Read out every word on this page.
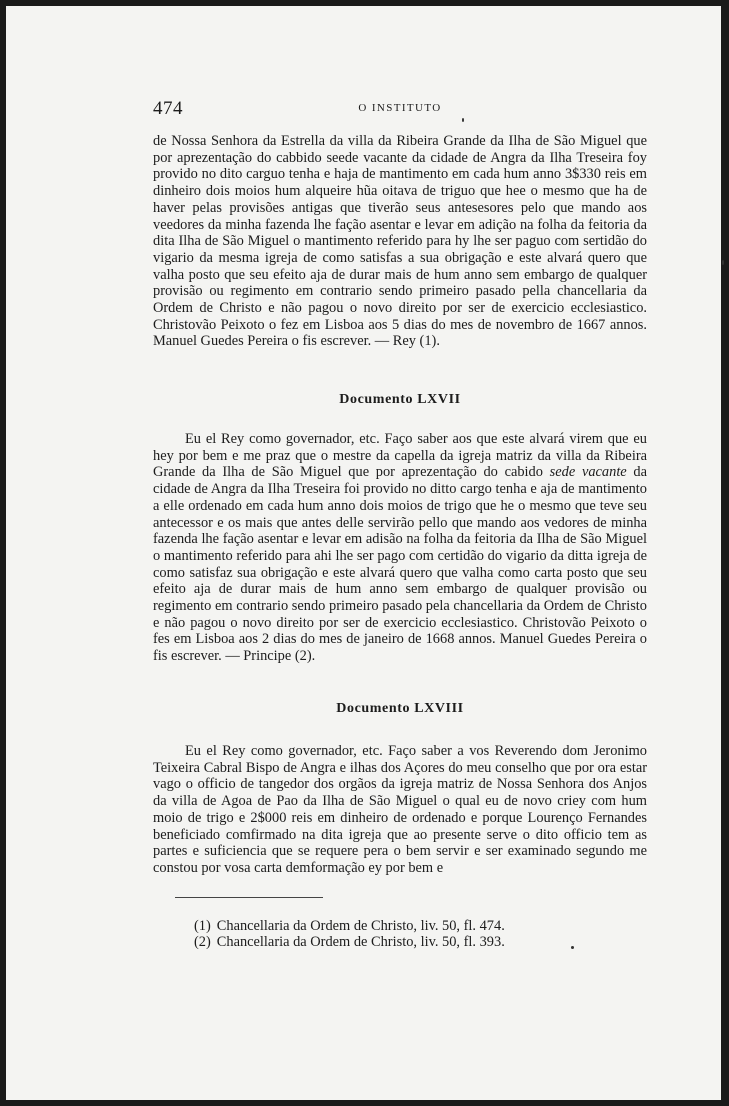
474	O INSTITUTO

de Nossa Senhora da Estrella da villa da Ribeira Grande da Ilha de São Miguel que por aprezentação do cabbido seede vacante da cidade de Angra da Ilha Treseira foy provido no dito carguo tenha e haja de mantimento em cada hum anno 3$330 reis em dinheiro dois moios hum alqueire hũa oitava de triguo que hee o mesmo que ha de haver pelas provisões antigas que tiverão seus antesesores pelo que mando aos veedores da minha fazenda lhe fação asentar e levar em adição na folha da feitoria da dita Ilha de São Miguel o mantimento referido para hy lhe ser paguo com sertidão do vigario da mesma igreja de como satisfas a sua obrigação e este alvará quero que valha posto que seu efeito aja de durar mais de hum anno sem embargo de qualquer provisão ou regimento em contrario sendo primeiro pasado pella chancellaria da Ordem de Christo e não pagou o novo direito por ser de exercicio ecclesiastico. Christovão Peixoto o fez em Lisboa aos 5 dias do mes de novembro de 1667 annos. Manuel Guedes Pereira o fis escrever. — Rey (1).

Documento LXVII

Eu el Rey como governador, etc. Faço saber aos que este alvará virem que eu hey por bem e me praz que o mestre da capella da igreja matriz da villa da Ribeira Grande da Ilha de São Miguel que por aprezentação do cabido sede vacante da cidade de Angra da Ilha Treseira foi provido no ditto cargo tenha e aja de mantimento a elle ordenado em cada hum anno dois moios de trigo que he o mesmo que teve seu antecessor e os mais que antes delle servirão pello que mando aos vedores de minha fazenda lhe fação asentar e levar em adisão na folha da feitoria da Ilha de São Miguel o mantimento referido para ahi lhe ser pago com certidão do vigario da ditta igreja de como satisfaz sua obrigação e este alvará quero que valha como carta posto que seu efeito aja de durar mais de hum anno sem embargo de qualquer provisão ou regimento em contrario sendo primeiro pasado pela chancellaria da Ordem de Christo e não pagou o novo direito por ser de exercicio ecclesiastico. Christovão Peixoto o fes em Lisboa aos 2 dias do mes de janeiro de 1668 annos. Manuel Guedes Pereira o fis escrever. — Principe (2).

Documento LXVIII

Eu el Rey como governador, etc. Faço saber a vos Reverendo dom Jeronimo Teixeira Cabral Bispo de Angra e ilhas dos Açores do meu conselho que por ora estar vago o officio de tangedor dos orgãos da igreja matriz de Nossa Senhora dos Anjos da villa de Agoa de Pao da Ilha de São Miguel o qual eu de novo criey com hum moio de trigo e 2$000 reis em dinheiro de ordenado e porque Lourenço Fernandes beneficiado comfirmado na dita igreja que ao presente serve o dito officio tem as partes e suficiencia que se requere pera o bem servir e ser examinado segundo me constou por vosa carta demformação ey por bem e

(1) Chancellaria da Ordem de Christo, liv. 50, fl. 474.
(2) Chancellaria da Ordem de Christo, liv. 50, fl. 393.
